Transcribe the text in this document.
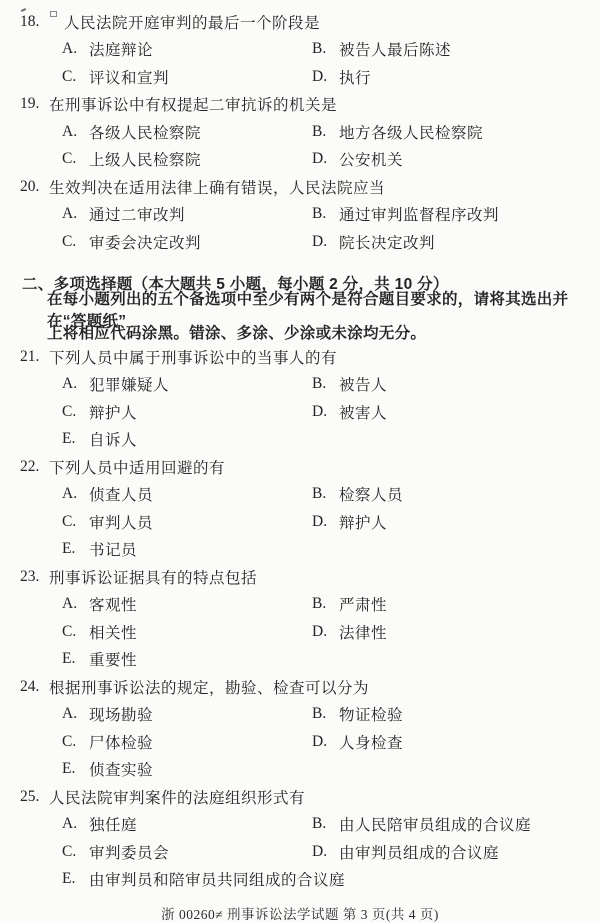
18.	人民法院开庭审判的最后一个阶段是
A. 法庭辩论	B. 被告人最后陈述
C. 评议和宣判	D. 执行
19. 在刑事诉讼中有权提起二审抗诉的机关是
A. 各级人民检察院	B. 地方各级人民检察院
C. 上级人民检察院	D. 公安机关
20. 生效判决在适用法律上确有错误，人民法院应当
A. 通过二审改判	B. 通过审判监督程序改判
C. 审委会决定改判	D. 院长决定改判
二、多项选择题（本大题共 5 小题，每小题 2 分，共 10 分）
在每小题列出的五个备选项中至少有两个是符合题目要求的，请将其选出并在“答题纸”
上将相应代码涂黑。错涂、多涂、少涂或未涂均无分。
21. 下列人员中属于刑事诉讼中的当事人的有
A. 犯罪嫌疑人	B. 被告人
C. 辩护人	D. 被害人
E. 自诉人
22. 下列人员中适用回避的有
A. 侦查人员	B. 检察人员
C. 审判人员	D. 辩护人
E. 书记员
23. 刑事诉讼证据具有的特点包括
A. 客观性	B. 严肃性
C. 相关性	D. 法律性
E. 重要性
24. 根据刑事诉讼法的规定，勘验、检查可以分为
A. 现场勘验	B. 物证检验
C. 尸体检验	D. 人身检查
E. 侦查实验
25. 人民法院审判案件的法庭组织形式有
A. 独任庭	B. 由人民陪审员组成的合议庭
C. 审判委员会	D. 由审判员组成的合议庭
E. 由审判员和陪审员共同组成的合议庭
浙 00260≠ 刑事诉讼法学试题 第 3 页(共 4 页)
